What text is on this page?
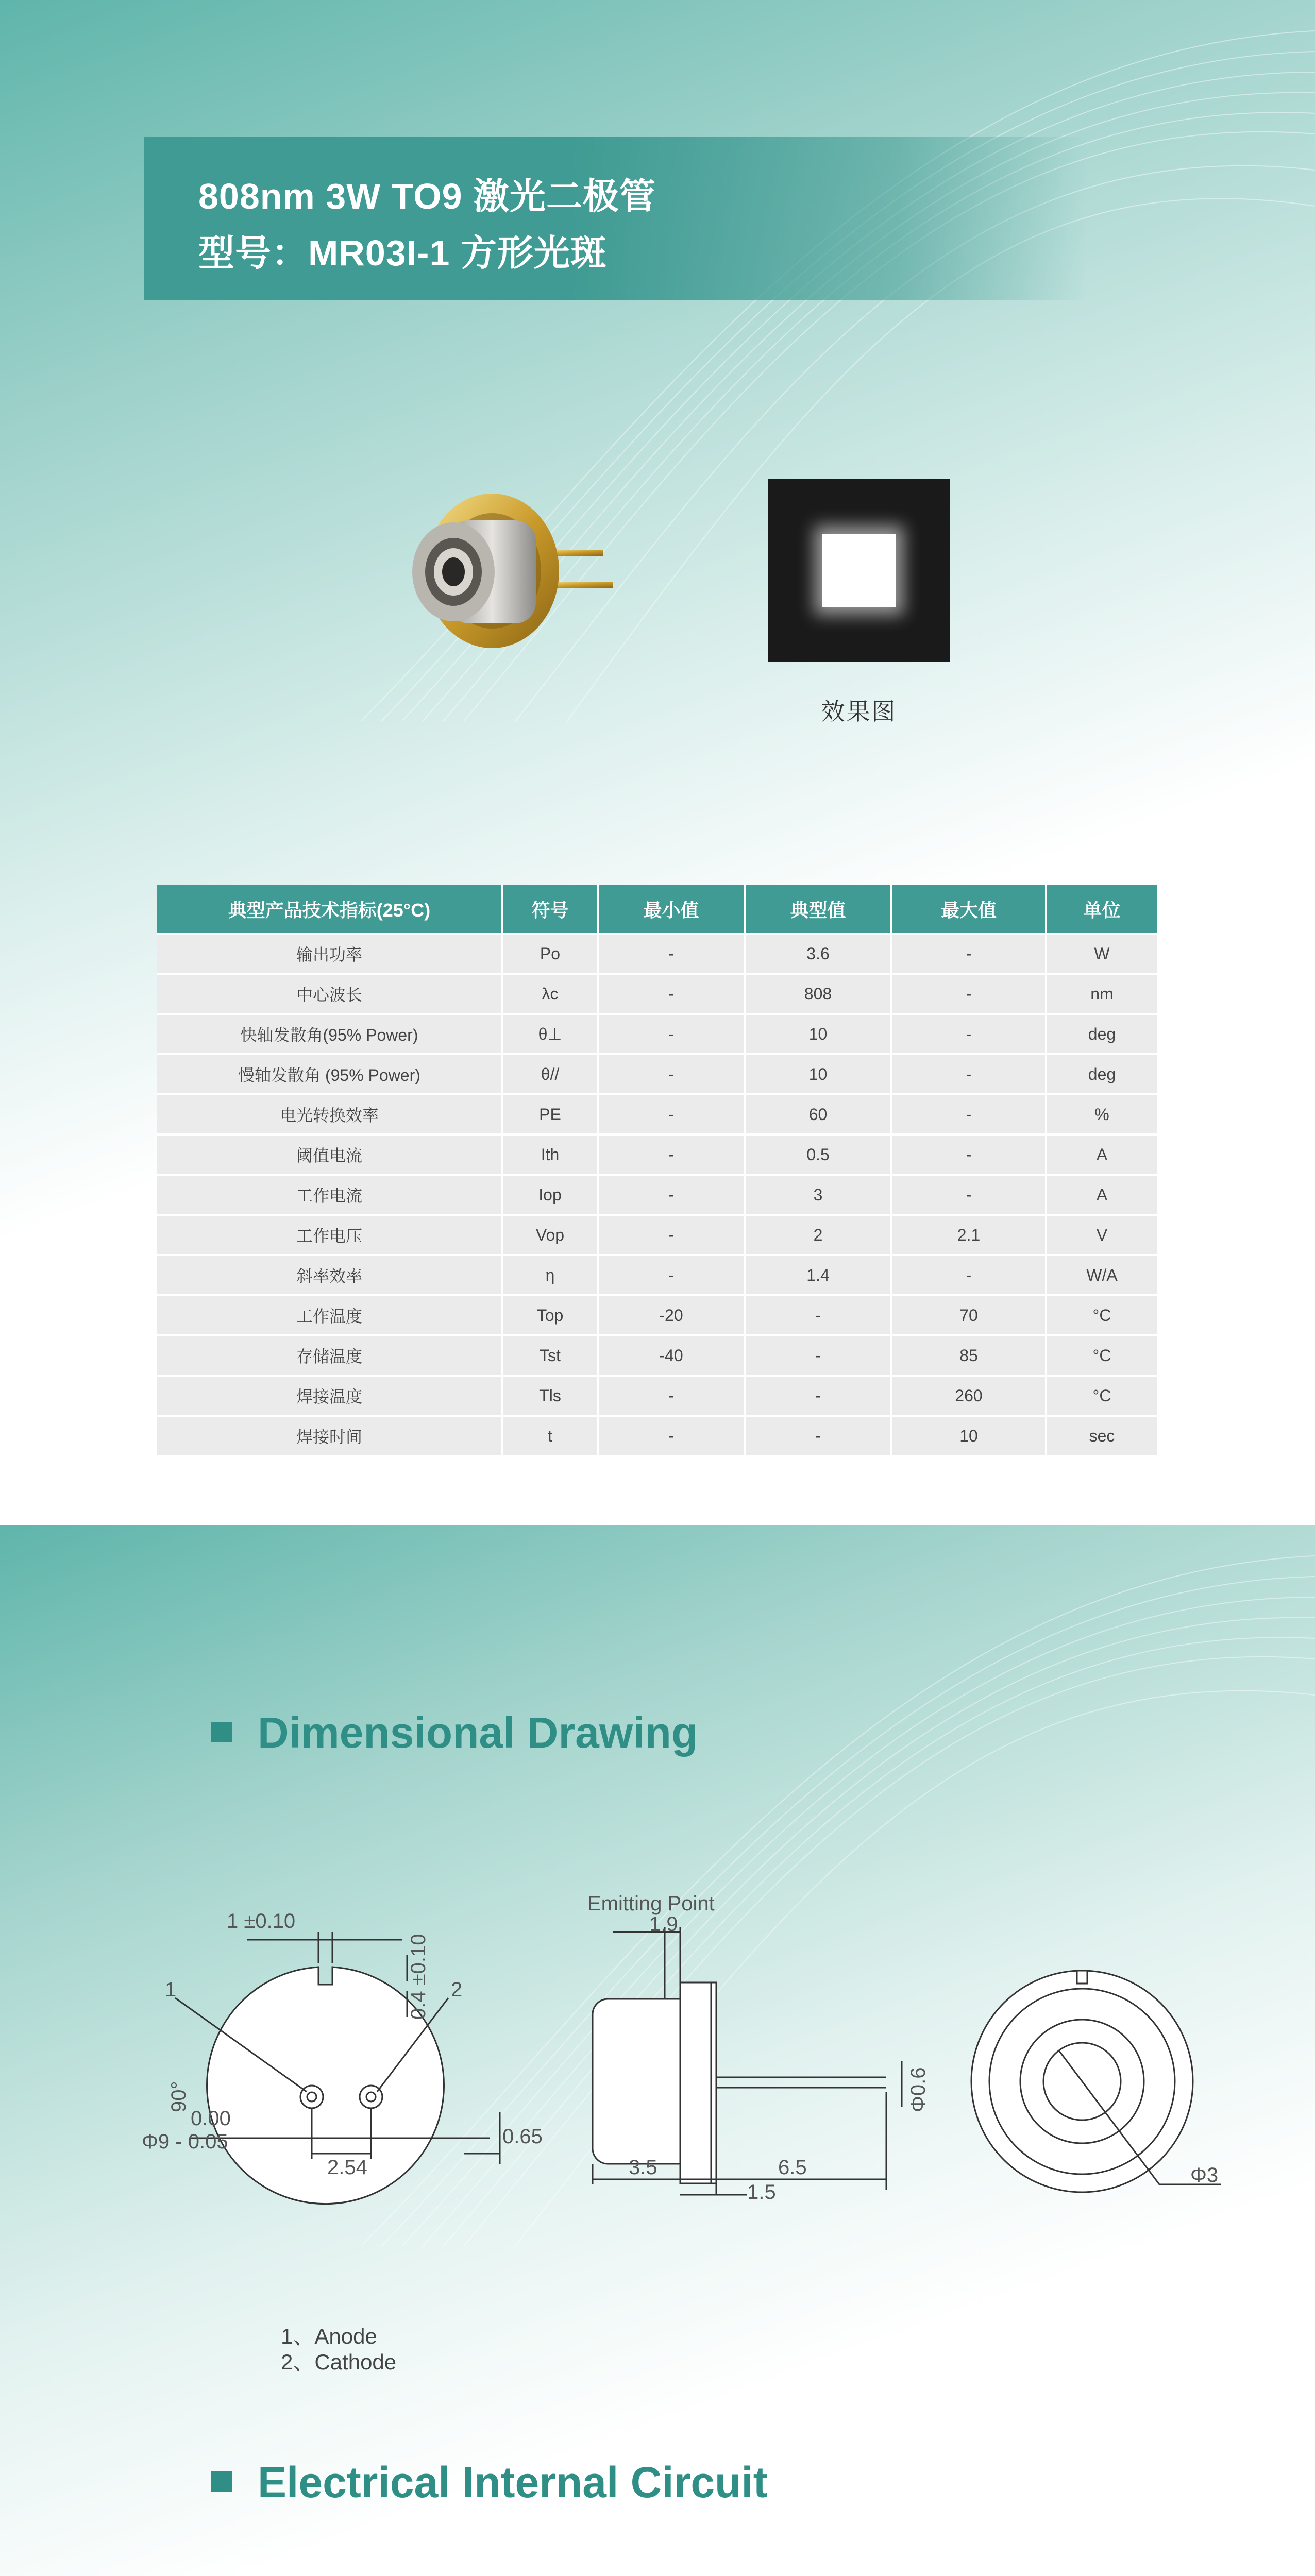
808nm 3W TO9 激光二极管
型号：MR03I-1 方形光斑
效果图
典型产品技术指标(25°C)	符号	最小值	典型值	最大值	单位
输出功率	Po	-	3.6	-	W
中心波长	λc	-	808	-	nm
快轴发散角(95% Power)	θ⊥	-	10	-	deg
慢轴发散角 (95% Power)	θ//	-	10	-	deg
电光转换效率	PE	-	60	-	%
阈值电流	Ith	-	0.5	-	A
工作电流	Iop	-	3	-	A
工作电压	Vop	-	2	2.1	V
斜率效率	η	-	1.4	-	W/A
工作温度	Top	-20	-	70	°C
存储温度	Tst	-40	-	85	°C
焊接温度	Tls	-	-	260	°C
焊接时间	t	-	-	10	sec
Dimensional Drawing
1 ±0.10
0.4 ±0.10
1	2
90°
0.00
Φ9 - 0.05
2.54
0.65
Emitting Point
1.9
3.5	6.5
1.5
Φ0.6
Φ3
1、Anode
2、Cathode
Electrical Internal Circuit
